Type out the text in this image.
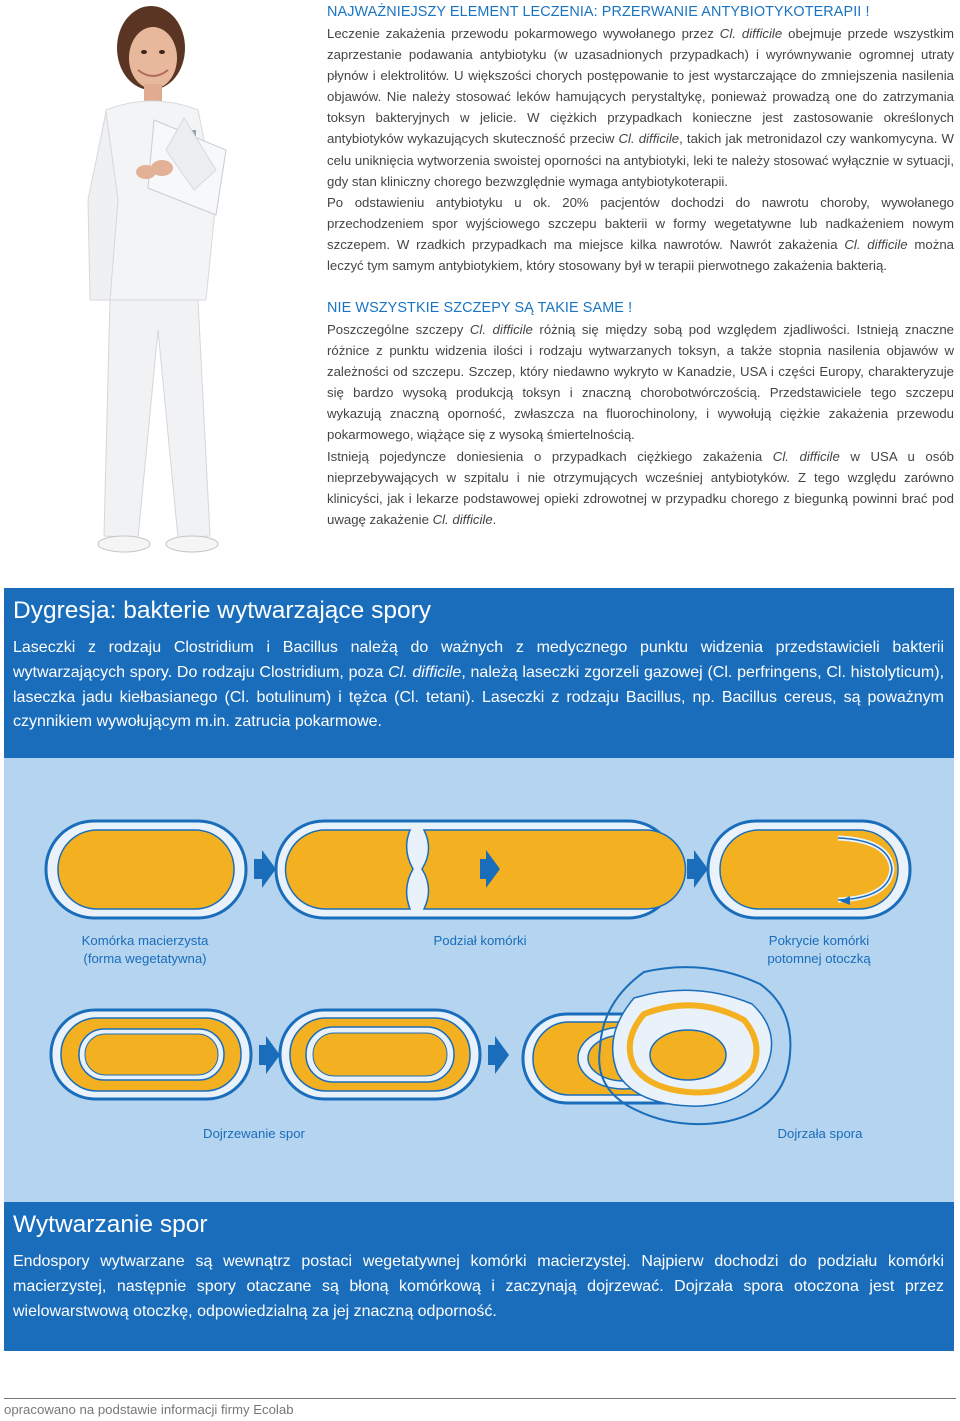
NAJWAŻNIEJSZY ELEMENT LECZENIA: PRZERWANIE ANTYBIOTYKOTERAPII !

Leczenie zakażenia przewodu pokarmowego wywołanego przez Cl. difficile obejmuje przede wszystkim zaprzestanie podawania antybiotyku (w uzasadnionych przypadkach) i wyrównywanie ogromnej utraty płynów i elektrolitów. U większości chorych postępowanie to jest wystarczające do zmniejszenia nasilenia objawów. Nie należy stosować leków hamujących perystaltykę, ponieważ prowadzą one do zatrzymania toksyn bakteryjnych w jelicie. W ciężkich przypadkach konieczne jest zastosowanie określonych antybiotyków wykazujących skuteczność przeciw Cl. difficile, takich jak metronidazol czy wankomycyna. W celu uniknięcia wytworzenia swoistej oporności na antybiotyki, leki te należy stosować wyłącznie w sytuacji, gdy stan kliniczny chorego bezwzględnie wymaga antybiotykoterapii.

Po odstawieniu antybiotyku u ok. 20% pacjentów dochodzi do nawrotu choroby, wywołanego przechodzeniem spor wyjściowego szczepu bakterii w formy wegetatywne lub nadkażeniem nowym szczepem. W rzadkich przypadkach ma miejsce kilka nawrotów. Nawrót zakażenia Cl. difficile można leczyć tym samym antybiotykiem, który stosowany był w terapii pierwotnego zakażenia bakterią.

NIE WSZYSTKIE SZCZEPY SĄ TAKIE SAME !

Poszczególne szczepy Cl. difficile różnią się między sobą pod względem zjadliwości. Istnieją znaczne różnice z punktu widzenia ilości i rodzaju wytwarzanych toksyn, a także stopnia nasilenia objawów w zależności od szczepu. Szczep, który niedawno wykryto w Kanadzie, USA i części Europy, charakteryzuje się bardzo wysoką produkcją toksyn i znaczną chorobotwórczością. Przedstawiciele tego szczepu wykazują znaczną oporność, zwłaszcza na fluorochinolony, i wywołują ciężkie zakażenia przewodu pokarmowego, wiążące się z wysoką śmiertelnością.

Istnieją pojedyncze doniesienia o przypadkach ciężkiego zakażenia Cl. difficile w USA u osób nieprzebywających w szpitalu i nie otrzymujących wcześniej antybiotyków. Z tego względu zarówno klinicyści, jak i lekarze podstawowej opieki zdrowotnej w przypadku chorego z biegunką powinni brać pod uwagę zakażenie Cl. difficile.

Dygresja: bakterie wytwarzające spory

Laseczki z rodzaju Clostridium i Bacillus należą do ważnych z medycznego punktu widzenia przedstawicieli bakterii wytwarzających spory. Do rodzaju Clostridium, poza Cl. difficile, należą laseczki zgorzeli gazowej (Cl. perfringens, Cl. histolyticum), laseczka jadu kiełbasianego (Cl. botulinum) i tężca (Cl. tetani). Laseczki z rodzaju Bacillus, np. Bacillus cereus, są poważnym czynnikiem wywołującym m.in. zatrucia pokarmowe.

Komórka macierzysta
(forma wegetatywna)
Podział komórki	Pokrycie komórki
potomnej otoczką
Dojrzewanie spor	Dojrzała spora
Wytwarzanie spor

Endospory wytwarzane są wewnątrz postaci wegetatywnej komórki macierzystej. Najpierw dochodzi do podziału komórki macierzystej, następnie spory otaczane są błoną komórkową i zaczynają dojrzewać. Dojrzała spora otoczona jest przez wielowarstwową otoczkę, odpowiedzialną za jej znaczną odporność.

opracowano na podstawie informacji firmy Ecolab
